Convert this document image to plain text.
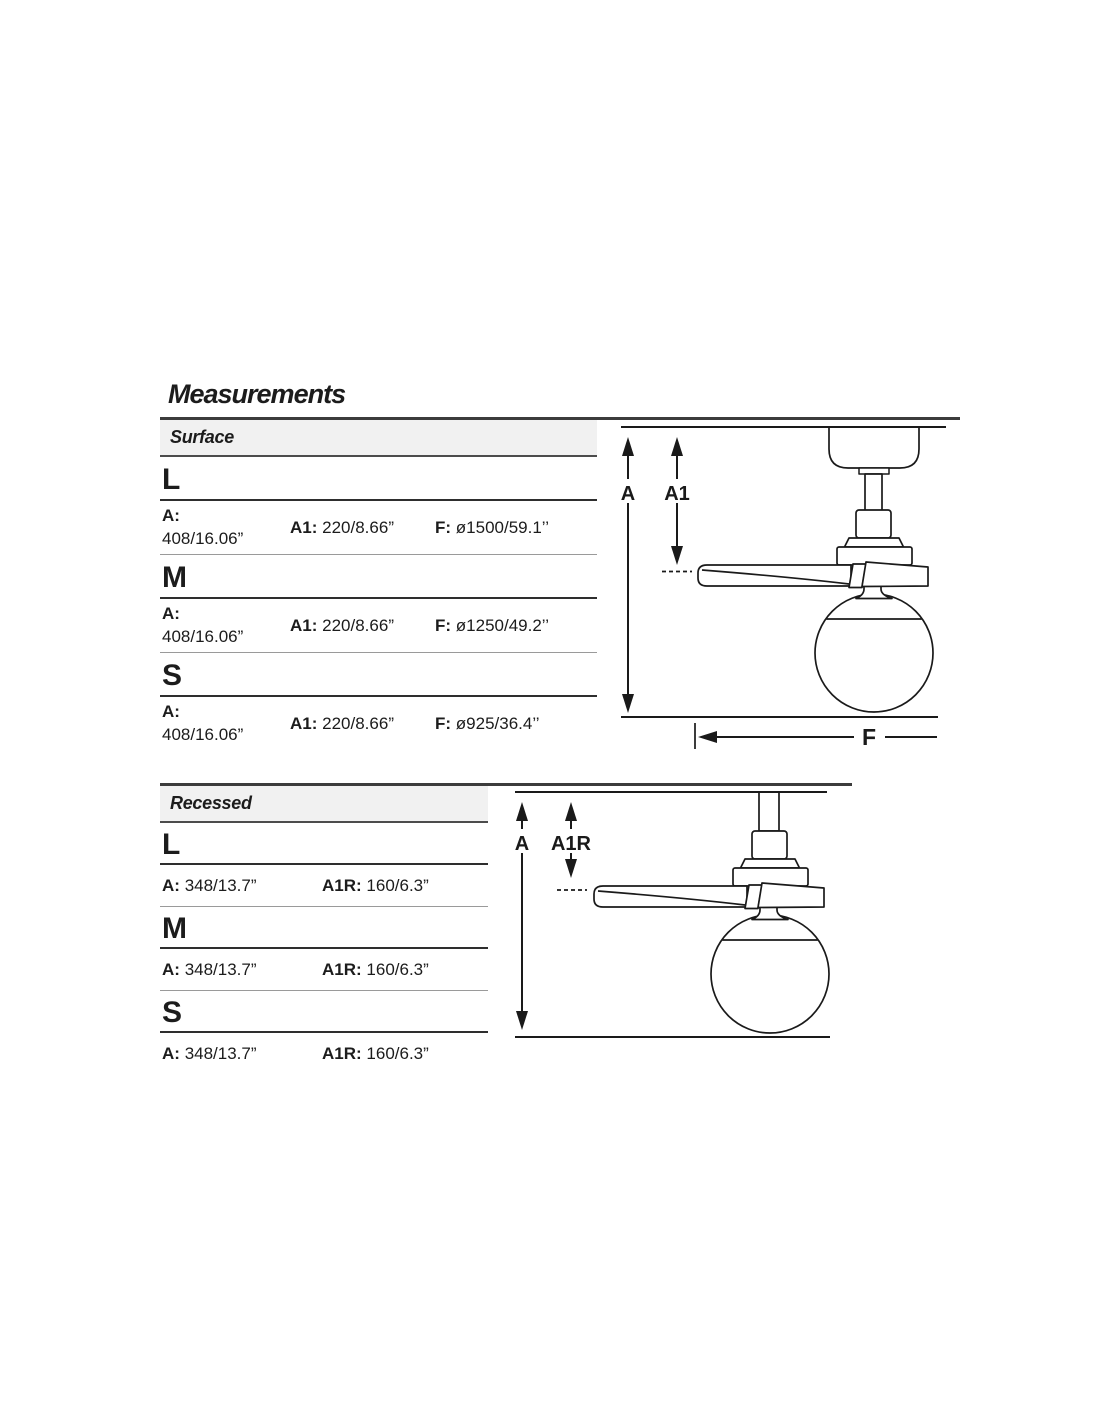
Measurements
Surface
L
A:
408/16.06”
A1: 220/8.66”	F: ø1500/59.1’’
M
A:
408/16.06”
A1: 220/8.66”	F: ø1250/49.2’’
S
A:
408/16.06”
A1: 220/8.66”	F: ø925/36.4’’
Recessed
L
A: 348/13.7”	A1R: 160/6.3”
M
A: 348/13.7”	A1R: 160/6.3”
S
A: 348/13.7”	A1R: 160/6.3”
A A1
F
A A1R
